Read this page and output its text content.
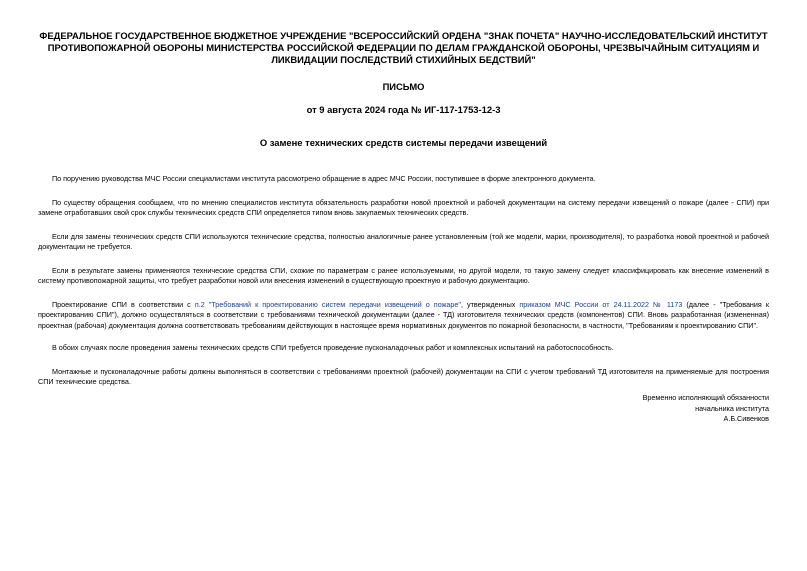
ФЕДЕРАЛЬНОЕ ГОСУДАРСТВЕННОЕ БЮДЖЕТНОЕ УЧРЕЖДЕНИЕ "ВСЕРОССИЙСКИЙ ОРДЕНА "ЗНАК ПОЧЕТА" НАУЧНО-ИССЛЕДОВАТЕЛЬСКИЙ ИНСТИТУТ ПРОТИВОПОЖАРНОЙ ОБОРОНЫ МИНИСТЕРСТВА РОССИЙСКОЙ ФЕДЕРАЦИИ ПО ДЕЛАМ ГРАЖДАНСКОЙ ОБОРОНЫ, ЧРЕЗВЫЧАЙНЫМ СИТУАЦИЯМ И ЛИКВИДАЦИИ ПОСЛЕДСТВИЙ СТИХИЙНЫХ БЕДСТВИЙ"
ПИСЬМО
от 9 августа 2024 года № ИГ-117-1753-12-3
О замене технических средств системы передачи извещений

По поручению руководства МЧС России специалистами института рассмотрено обращение в адрес МЧС России, поступившее в форме электронного документа.

По существу обращения сообщаем, что по мнению специалистов института обязательность разработки новой проектной и рабочей документации на систему передачи извещений о пожаре (далее - СПИ) при замене отработавших свой срок службы технических средств СПИ определяется типом вновь закупаемых технических средств.

Если для замены технических средств СПИ используются технические средства, полностью аналогичные ранее установленным (той же модели, марки, производителя), то разработка новой проектной и рабочей документации не требуется.

Если в результате замены применяются технические средства СПИ, схожие по параметрам с ранее используемыми, но другой модели, то такую замену следует классифицировать как внесение изменений в систему противопожарной защиты, что требует разработки новой или внесения изменений в существующую проектную и рабочую документацию.

Проектирование СПИ в соответствии с п.2 "Требований к проектированию систем передачи извещений о пожаре", утвержденных приказом МЧС России от 24.11.2022 № 1173 (далее - "Требования к проектированию СПИ"), должно осуществляться в соответствии с требованиями технической документации (далее - ТД) изготовителя технических средств (компонентов) СПИ. Вновь разработанная (измененная) проектная (рабочая) документация должна соответствовать требованиям действующих в настоящее время нормативных документов по пожарной безопасности, в частности, "Требованиям к проектированию СПИ".

В обоих случаях после проведения замены технических средств СПИ требуется проведение пусконаладочных работ и комплексных испытаний на работоспособность.

Монтажные и пусконаладочные работы должны выполняться в соответствии с требованиями проектной (рабочей) документации на СПИ с учетом требований ТД изготовителя на применяемые для построения СПИ технические средства.

Временно исполняющий обязанности
начальника института
А.Б.Сивенков
